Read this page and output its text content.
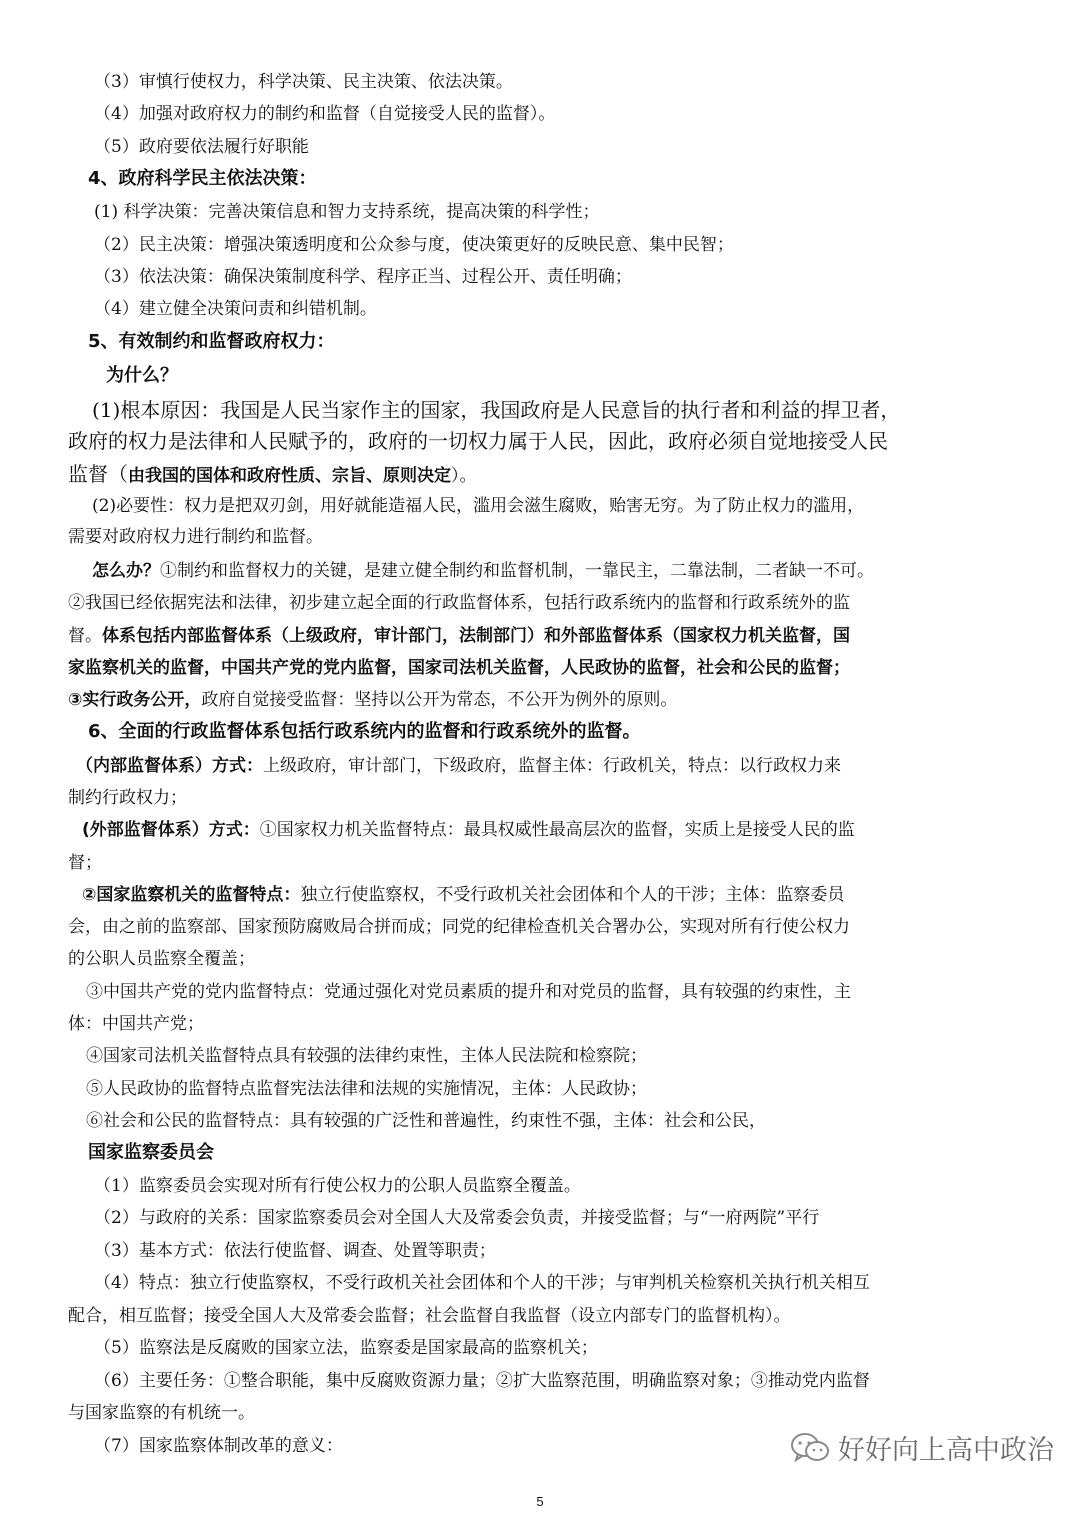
（3）审慎行使权力，科学决策、民主决策、依法决策。
（4）加强对政府权力的制约和监督（自觉接受人民的监督）。
（5）政府要依法履行好职能
4、政府科学民主依法决策：
(1) 科学决策：完善决策信息和智力支持系统，提高决策的科学性；
（2）民主决策：增强决策透明度和公众参与度，使决策更好的反映民意、集中民智；
（3）依法决策：确保决策制度科学、程序正当、过程公开、责任明确；
（4）建立健全决策问责和纠错机制。
5、有效制约和监督政府权力：
为什么？
(1)根本原因：我国是人民当家作主的国家，我国政府是人民意旨的执行者和利益的捍卫者，
政府的权力是法律和人民赋予的，政府的一切权力属于人民，因此，政府必须自觉地接受人民
监督（由我国的国体和政府性质、宗旨、原则决定）。
(2)必要性：权力是把双刃剑，用好就能造福人民，滥用会滋生腐败，贻害无穷。为了防止权力的滥用，
需要对政府权力进行制约和监督。
怎么办？①制约和监督权力的关键，是建立健全制约和监督机制，一靠民主，二靠法制，二者缺一不可。
②我国已经依据宪法和法律，初步建立起全面的行政监督体系，包括行政系统内的监督和行政系统外的监
督。体系包括内部监督体系（上级政府，审计部门，法制部门）和外部监督体系（国家权力机关监督，国
家监察机关的监督，中国共产党的党内监督，国家司法机关监督，人民政协的监督，社会和公民的监督；
③实行政务公开，政府自觉接受监督：坚持以公开为常态，不公开为例外的原则。
6、全面的行政监督体系包括行政系统内的监督和行政系统外的监督。
（内部监督体系）方式：上级政府，审计部门，下级政府，监督主体：行政机关，特点：以行政权力来
制约行政权力；
(外部监督体系）方式：①国家权力机关监督特点：最具权威性最高层次的监督，实质上是接受人民的监
督；
②国家监察机关的监督特点：独立行使监察权，不受行政机关社会团体和个人的干涉；主体：监察委员
会，由之前的监察部、国家预防腐败局合拼而成；同党的纪律检查机关合署办公，实现对所有行使公权力
的公职人员监察全覆盖；
③中国共产党的党内监督特点：党通过强化对党员素质的提升和对党员的监督，具有较强的约束性，主
体：中国共产党；
④国家司法机关监督特点具有较强的法律约束性，主体人民法院和检察院；
⑤人民政协的监督特点监督宪法法律和法规的实施情况，主体：人民政协；
⑥社会和公民的监督特点：具有较强的广泛性和普遍性，约束性不强，主体：社会和公民，
国家监察委员会
（1）监察委员会实现对所有行使公权力的公职人员监察全覆盖。
（2）与政府的关系：国家监察委员会对全国人大及常委会负责，并接受监督；与“一府两院”平行
（3）基本方式：依法行使监督、调查、处置等职责；
（4）特点：独立行使监察权，不受行政机关社会团体和个人的干涉；与审判机关检察机关执行机关相互
配合，相互监督；接受全国人大及常委会监督；社会监督自我监督（设立内部专门的监督机构）。
（5）监察法是反腐败的国家立法，监察委是国家最高的监察机关；
（6）主要任务：①整合职能，集中反腐败资源力量；②扩大监察范围，明确监察对象；③推动党内监督
与国家监察的有机统一。
（7）国家监察体制改革的意义：	好好向上高中政治
5
